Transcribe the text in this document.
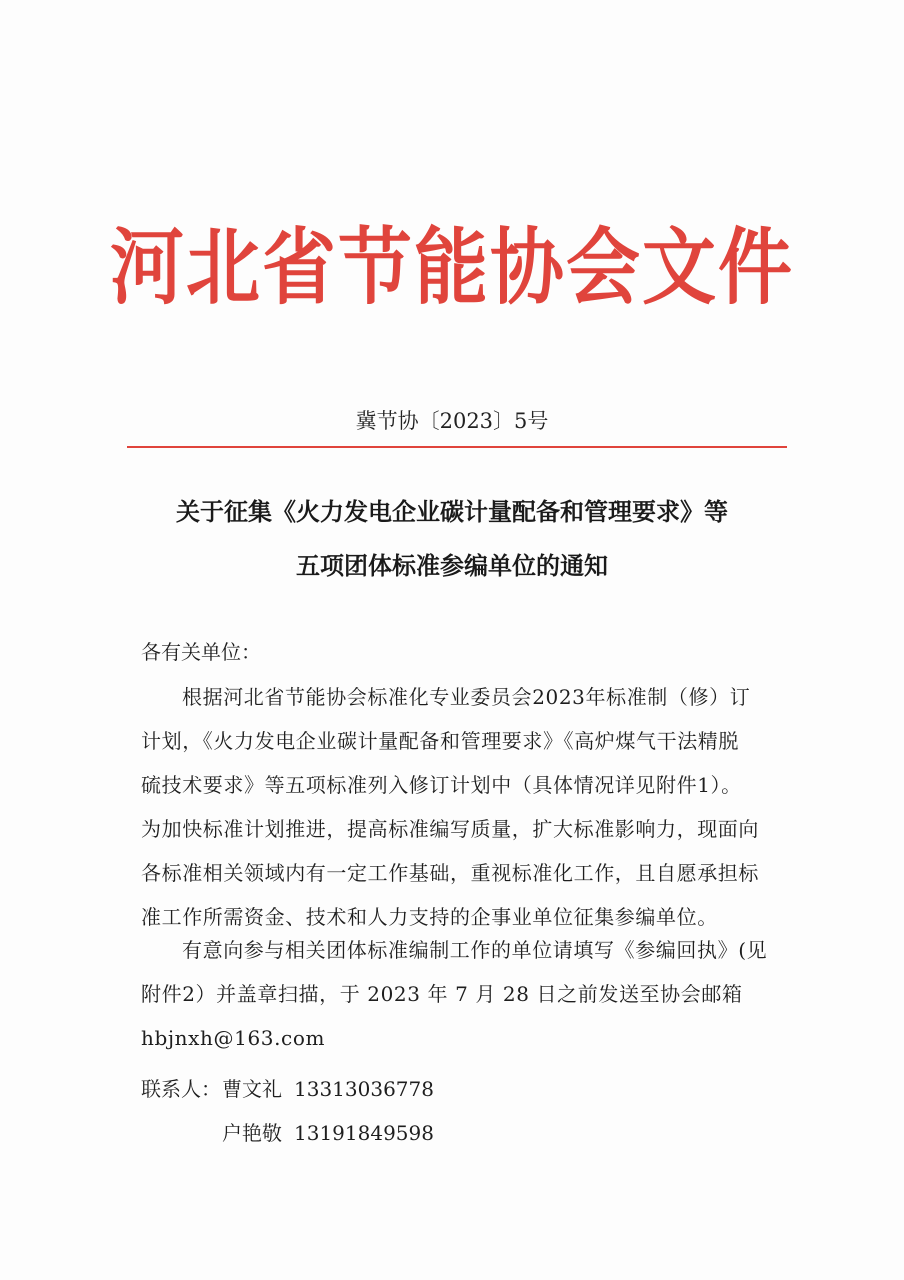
河北省节能协会文件
冀节协〔2023〕5号
关于征集《火力发电企业碳计量配备和管理要求》等
五项团体标准参编单位的通知
各有关单位：
根据河北省节能协会标准化专业委员会2023年标准制（修）订
计划，《火力发电企业碳计量配备和管理要求》《高炉煤气干法精脱
硫技术要求》等五项标准列入修订计划中（具体情况详见附件1）。
为加快标准计划推进，提高标准编写质量，扩大标准影响力，现面向
各标准相关领域内有一定工作基础，重视标准化工作，且自愿承担标
准工作所需资金、技术和人力支持的企事业单位征集参编单位。
有意向参与相关团体标准编制工作的单位请填写《参编回执》(见
附件2）并盖章扫描，于 2023 年 7 月 28 日之前发送至协会邮箱
hbjnxh@163.com
联系人： 曹文礼 13313036778
户艳敬 13191849598
